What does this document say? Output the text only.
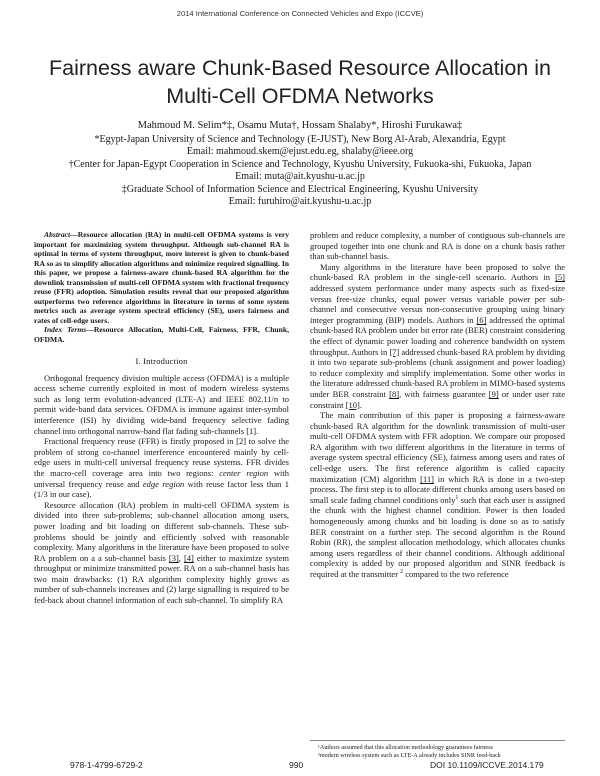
2014 International Conference on Connected Vehicles and Expo (ICCVE)
Fairness aware Chunk-Based Resource Allocation in
Multi-Cell OFDMA Networks
Mahmoud M. Selim*‡, Osamu Muta†, Hossam Shalaby*, Hiroshi Furukawa‡
*Egypt-Japan University of Science and Technology (E-JUST), New Borg Al-Arab, Alexandria, Egypt
Email: mahmoud.skem@ejust.edu.eg, shalaby@ieee.org
†Center for Japan-Egypt Cooperation in Science and Technology, Kyushu University, Fukuoka-shi, Fukuoka, Japan
Email: muta@ait.kyushu-u.ac.jp
‡Graduate School of Information Science and Electrical Engineering, Kyushu University
Email: furuhiro@ait.kyushu-u.ac.jp

Abstract—Resource allocation (RA) in multi-cell OFDMA systems is very important for maximizing system throughput. Although sub-channel RA is optimal in terms of system throughput, more interest is given to chunk-based RA so as to simplify allocation algorithms and minimize required signalling. In this paper, we propose a fairness-aware chunk-based RA algorithm for the downlink transmission of multi-cell OFDMA system with fractional frequency reuse (FFR) adoption. Simulation results reveal that our proposed algorithm outperforms two reference algorithms in literature in terms of some system metrics such as average system spectral efficiency (SE), users fairness and rates of cell-edge users.

Index Terms—Resource Allocation, Multi-Cell, Fairness, FFR, Chunk, OFDMA.

I. Introduction

Orthogonal frequency division multiple access (OFDMA) is a multiple access scheme currently exploited in most of modern wireless systems such as long term evolution-advanced (LTE-A) and IEEE 802.11/n to permit wide-band data services. OFDMA is immune against inter-symbol interference (ISI) by dividing wide-band frequency selective fading channel into orthogonal narrow-band flat fading sub-channels [1].

Fractional frequency reuse (FFR) is firstly proposed in [2] to solve the problem of strong co-channel interference encountered mainly by cell-edge users in multi-cell universal frequency reuse systems. FFR divides the macro-cell coverage area into two regions: center region with universal frequency reuse and edge region with reuse factor less than 1 (1/3 in our case).

Resource allocation (RA) problem in multi-cell OFDMA system is divided into three sub-problems; sub-channel allocation among users, power loading and bit loading on different sub-channels. These sub-problems should be jointly and efficiently solved with reasonable complexity. Many algorithms in the literature have been proposed to solve RA problem on a a sub-channel basis [3], [4] either to maximize system throughput or minimize transmitted power. RA on a sub-channel basis has two main drawbacks: (1) RA algorithm complexity highly grows as number of sub-channels increases and (2) large signalling is required to be fed-back about channel information of each sub-channel. To simplify RA

problem and reduce complexity, a number of contiguous sub-channels are grouped together into one chunk and RA is done on a chunk basis rather than sub-channel basis.

Many algorithms in the literature have been proposed to solve the chunk-based RA problem in the single-cell scenario. Authors in [5] addressed system performance under many aspects such as fixed-size versus free-size chunks, equal power versus variable power per sub-channel and consecutive versus non-consecutive grouping using binary integer programming (BIP) models. Authors in [6] addressed the optimal chunk-based RA problem under bit error rate (BER) constraint considering the effect of dynamic power loading and coherence bandwidth on system throughput. Authors in [7] addressed chunk-based RA problem by dividing it into two separate sub-problems (chunk assignment and power loading) to reduce complexity and simplify implementation. Some other works in the literature addressed chunk-based RA problem in MIMO-based systems under BER constraint [8], with fairness guarantee [9] or under user rate constraint [10].

The main contribution of this paper is proposing a fairness-aware chunk-based RA algorithm for the downlink transmission of multi-user multi-cell OFDMA system with FFR adoption. We compare our proposed RA algorithm with two different algorithms in the literature in terms of average system spectral efficiency (SE), fairness among users and rates of cell-edge users. The first reference algorithm is called capacity maximization (CM) algorithm [11] in which RA is done in a two-step process. The first step is to allocate different chunks among users based on small scale fading channel conditions only$^1$ such that each user is assigned the chunk with the highest channel condition. Power is then loaded homogeneously among chunks and bit loading is done so as to satisfy BER constraint on a further step. The second algorithm is the Round Robin (RR), the simplest allocation methodology, which allocates chunks among users regardless of their channel conditions. Although additional complexity is added by our proposed algorithm and SINR feedback is required at the transmitter $^2$ compared to the two reference

¹Authors assumed that this allocation methodology guarantees fairness
²modern wireless system such as LTE-A already includes SINR feed-back
978-1-4799-6729-2	990	DOI 10.1109/ICCVE.2014.179
